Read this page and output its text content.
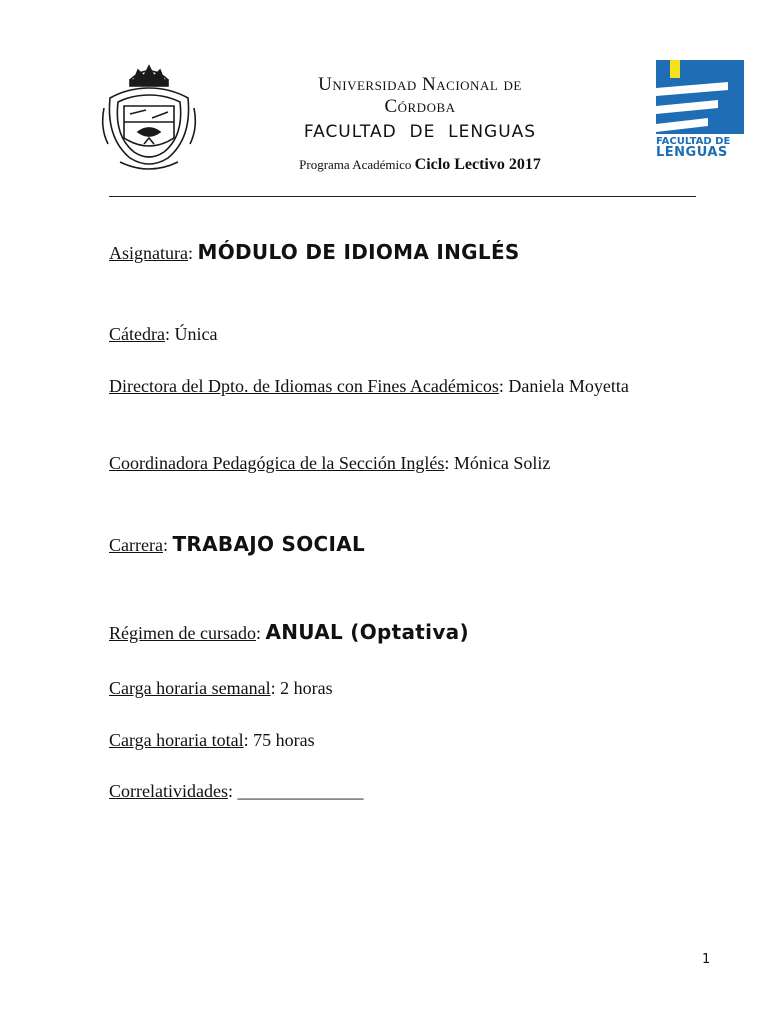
FACULTAD DE
LENGUAS
Universidad Nacional de
Córdoba
FACULTAD  DE  LENGUAS
Programa Académico Ciclo Lectivo 2017
Asignatura: MÓDULO DE IDIOMA INGLÉS
Cátedra: Única
Directora del Dpto. de Idiomas con Fines Académicos: Daniela Moyetta
Coordinadora Pedagógica de la Sección Inglés: Mónica Soliz
Carrera: TRABAJO SOCIAL
Régimen de cursado: ANUAL (Optativa)
Carga horaria semanal: 2 horas
Carga horaria total: 75 horas
Correlatividades: ______________
1
